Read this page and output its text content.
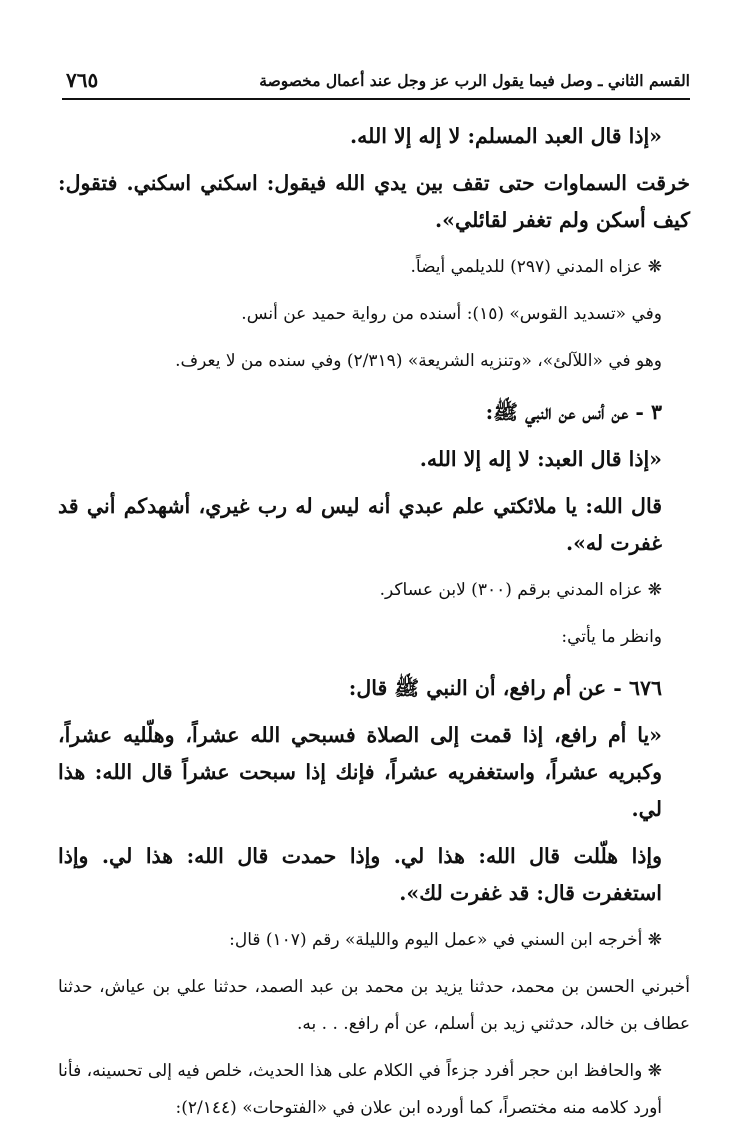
القسم الثاني ـ وصل فيما يقول الرب عز وجل عند أعمال مخصوصة
٧٦٥

«إذا قال العبد المسلم: لا إله إلا الله.

خرقت السماوات حتى تقف بين يدي الله فيقول: اسكني اسكني. فتقول: كيف أسكن ولم تغفر لقائلي».

❋ عزاه المدني (٢٩٧) للديلمي أيضاً.

وفي «تسديد القوس» (١٥): أسنده من رواية حميد عن أنس.

وهو في «اللآلئ»، «وتنزيه الشريعة» (٢/٣١٩) وفي سنده من لا يعرف.

٣ - عن أنس عن النبي ﷺ:

«إذا قال العبد: لا إله إلا الله.

قال الله: يا ملائكتي علم عبدي أنه ليس له رب غيري، أشهدكم أني قد غفرت له».

❋ عزاه المدني برقم (٣٠٠) لابن عساكر.

وانظر ما يأتي:

٦٧٦ - عن أم رافع، أن النبي ﷺ قال:

«يا أم رافع، إذا قمت إلى الصلاة فسبحي الله عشراً، وهلّليه عشراً، وكبريه عشراً، واستغفريه عشراً، فإنك إذا سبحت عشراً قال الله: هذا لي.

وإذا هلّلت قال الله: هذا لي. وإذا حمدت قال الله: هذا لي. وإذا استغفرت قال: قد غفرت لك».

❋ أخرجه ابن السني في «عمل اليوم والليلة» رقم (١٠٧) قال:

أخبرني الحسن بن محمد، حدثنا يزيد بن محمد بن عبد الصمد، حدثنا علي بن عياش، حدثنا عطاف بن خالد، حدثني زيد بن أسلم، عن أم رافع. . . به.

❋ والحافظ ابن حجر أفرد جزءاً في الكلام على هذا الحديث، خلص فيه إلى تحسينه، فأنا أورد كلامه منه مختصراً، كما أورده ابن علان في «الفتوحات» (٢/١٤٤):
